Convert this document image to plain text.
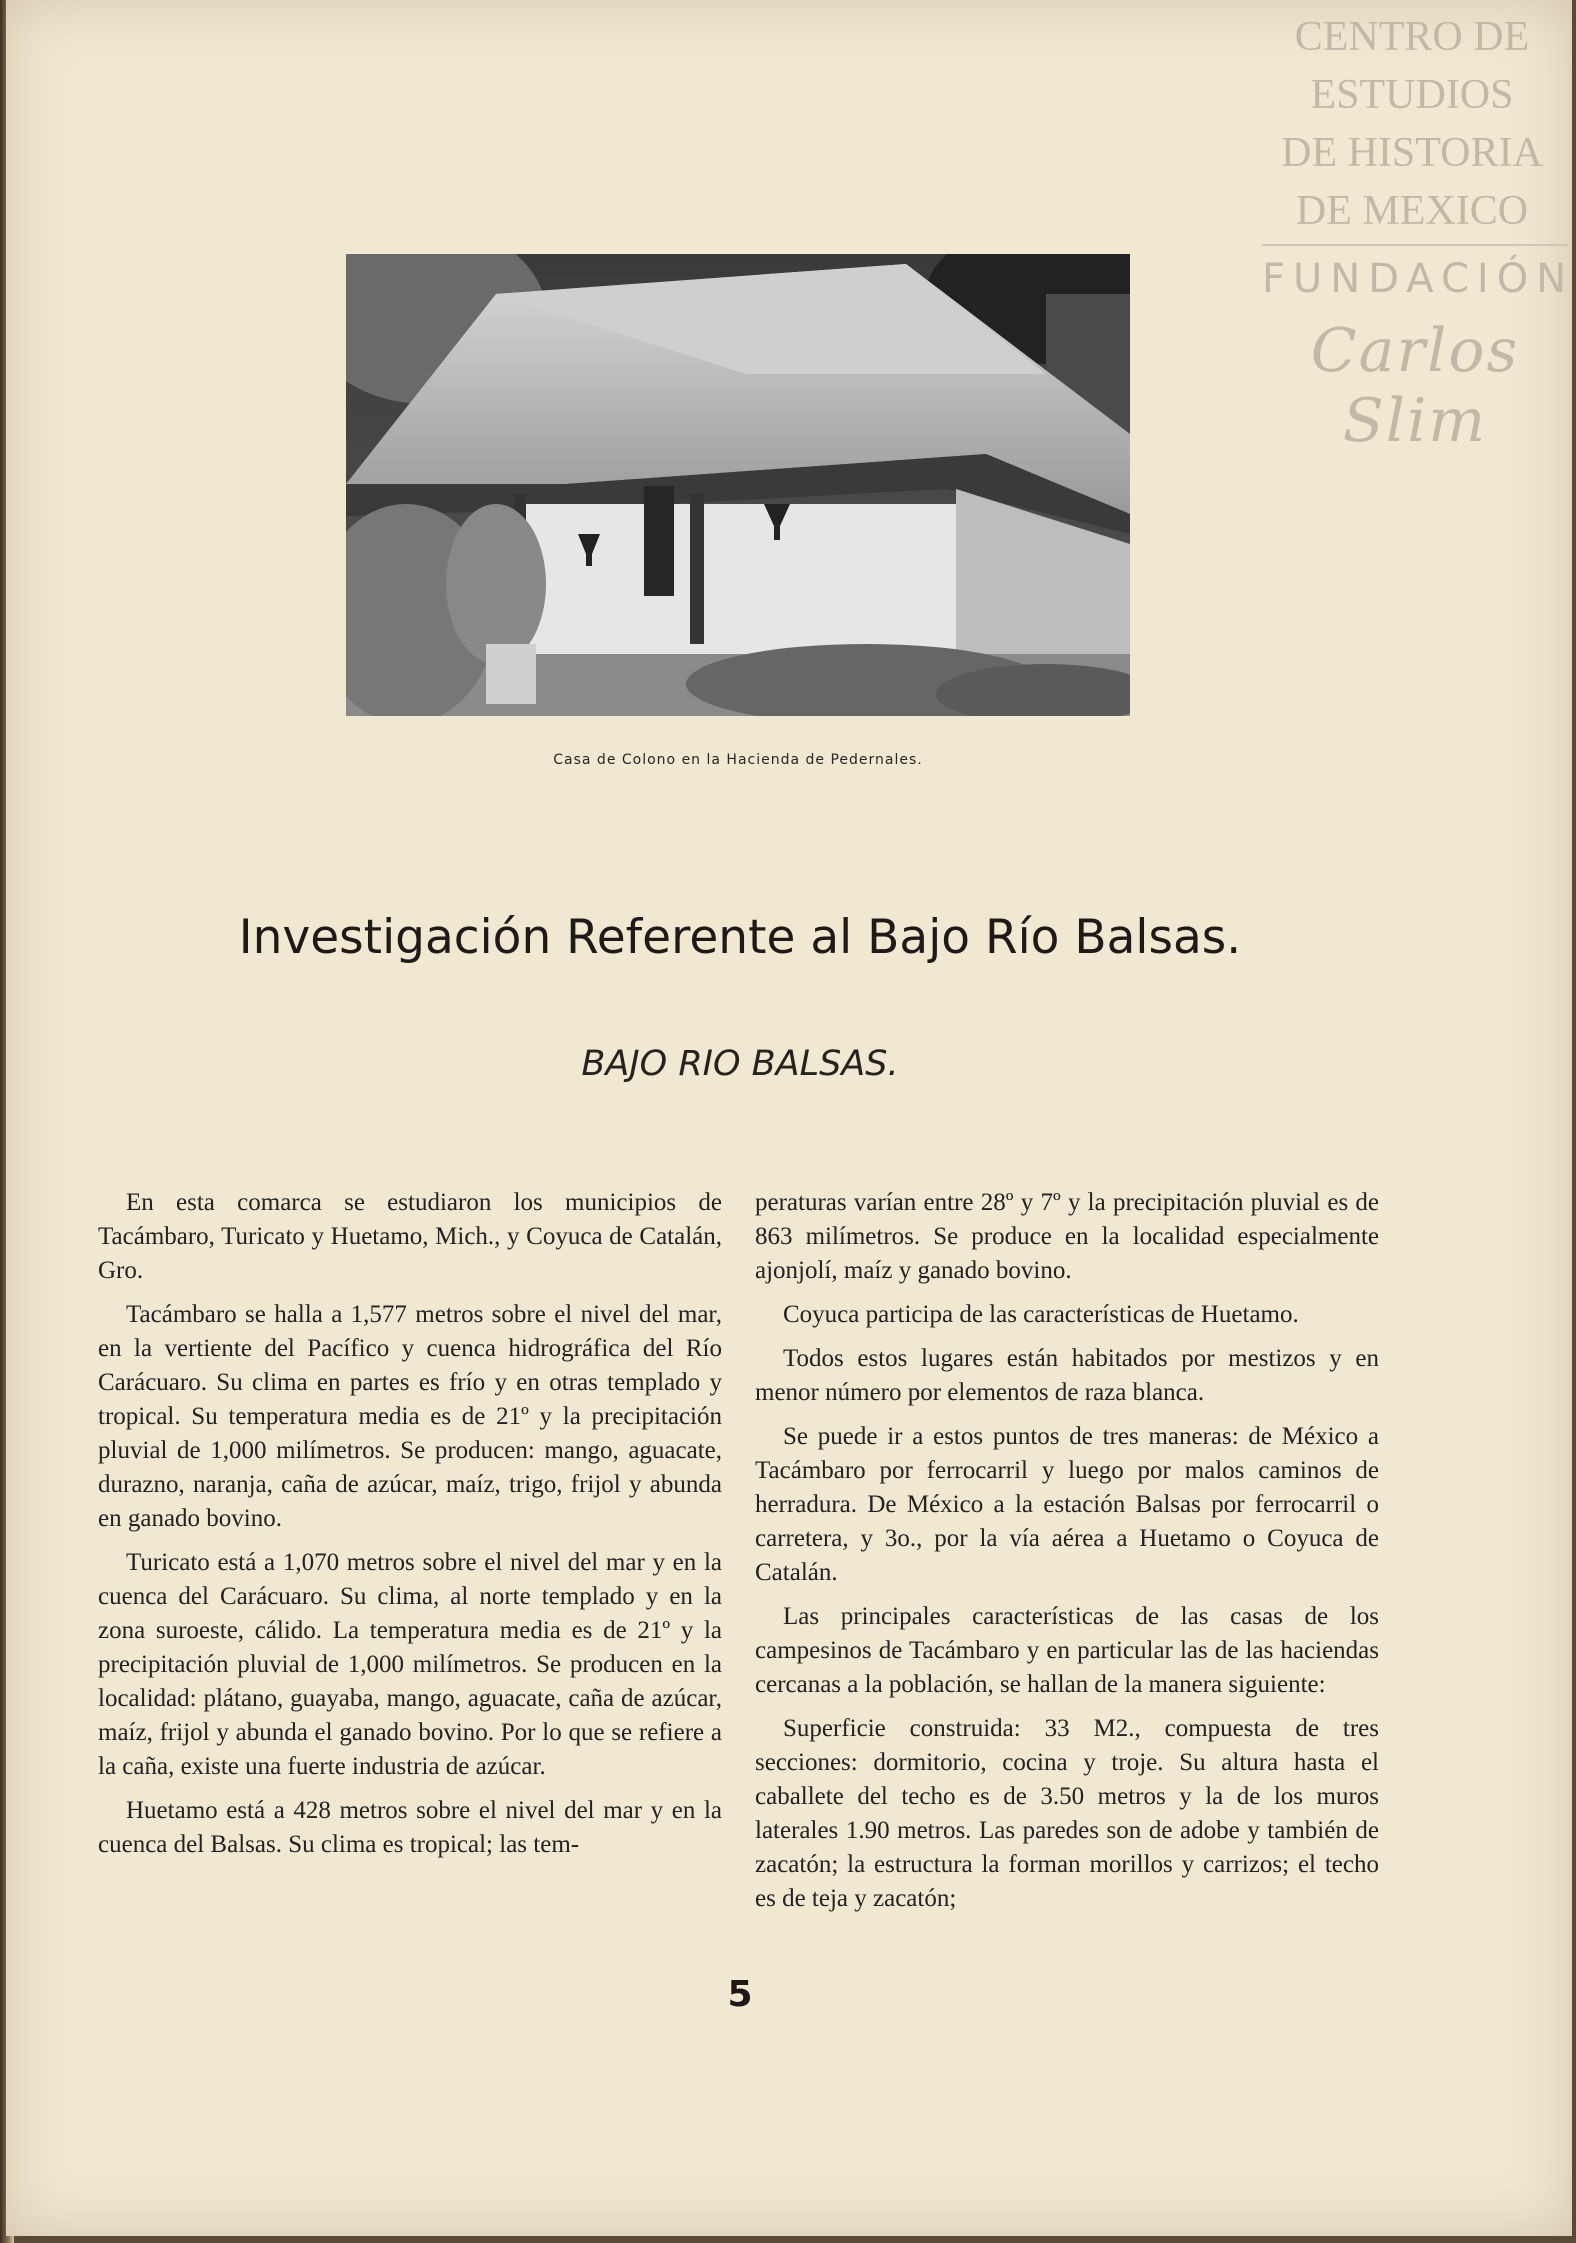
CENTRO DE
ESTUDIOS
DE HISTORIA
DE MEXICO
FUNDACIÓN
Carlos Slim
Casa de Colono en la Hacienda de Pedernales.
Investigación Referente al Bajo Río Balsas.
BAJO RIO BALSAS.

En esta comarca se estudiaron los municipios de Tacámbaro, Turicato y Huetamo, Mich., y Coyuca de Catalán, Gro.

Tacámbaro se halla a 1,577 metros sobre el nivel del mar, en la vertiente del Pacífico y cuenca hidrográfica del Río Carácuaro. Su clima en partes es frío y en otras templado y tropical. Su temperatura media es de 21º y la precipitación pluvial de 1,000 milímetros. Se producen: mango, aguacate, durazno, naranja, caña de azúcar, maíz, trigo, frijol y abunda en ganado bovino.

Turicato está a 1,070 metros sobre el nivel del mar y en la cuenca del Carácuaro. Su clima, al norte templado y en la zona suroeste, cálido. La temperatura media es de 21º y la precipitación pluvial de 1,000 milímetros. Se producen en la localidad: plátano, guayaba, mango, aguacate, caña de azúcar, maíz, frijol y abunda el ganado bovino. Por lo que se refiere a la caña, existe una fuerte industria de azúcar.

Huetamo está a 428 metros sobre el nivel del mar y en la cuenca del Balsas. Su clima es tropical; las tem-

peraturas varían entre 28º y 7º y la precipitación pluvial es de 863 milímetros. Se produce en la localidad especialmente ajonjolí, maíz y ganado bovino.

Coyuca participa de las características de Huetamo.

Todos estos lugares están habitados por mestizos y en menor número por elementos de raza blanca.

Se puede ir a estos puntos de tres maneras: de México a Tacámbaro por ferrocarril y luego por malos caminos de herradura. De México a la estación Balsas por ferrocarril o carretera, y 3o., por la vía aérea a Huetamo o Coyuca de Catalán.

Las principales características de las casas de los campesinos de Tacámbaro y en particular las de las haciendas cercanas a la población, se hallan de la manera siguiente:

Superficie construida: 33 M2., compuesta de tres secciones: dormitorio, cocina y troje. Su altura hasta el caballete del techo es de 3.50 metros y la de los muros laterales 1.90 metros. Las paredes son de adobe y también de zacatón; la estructura la forman morillos y carrizos; el techo es de teja y zacatón;

5
